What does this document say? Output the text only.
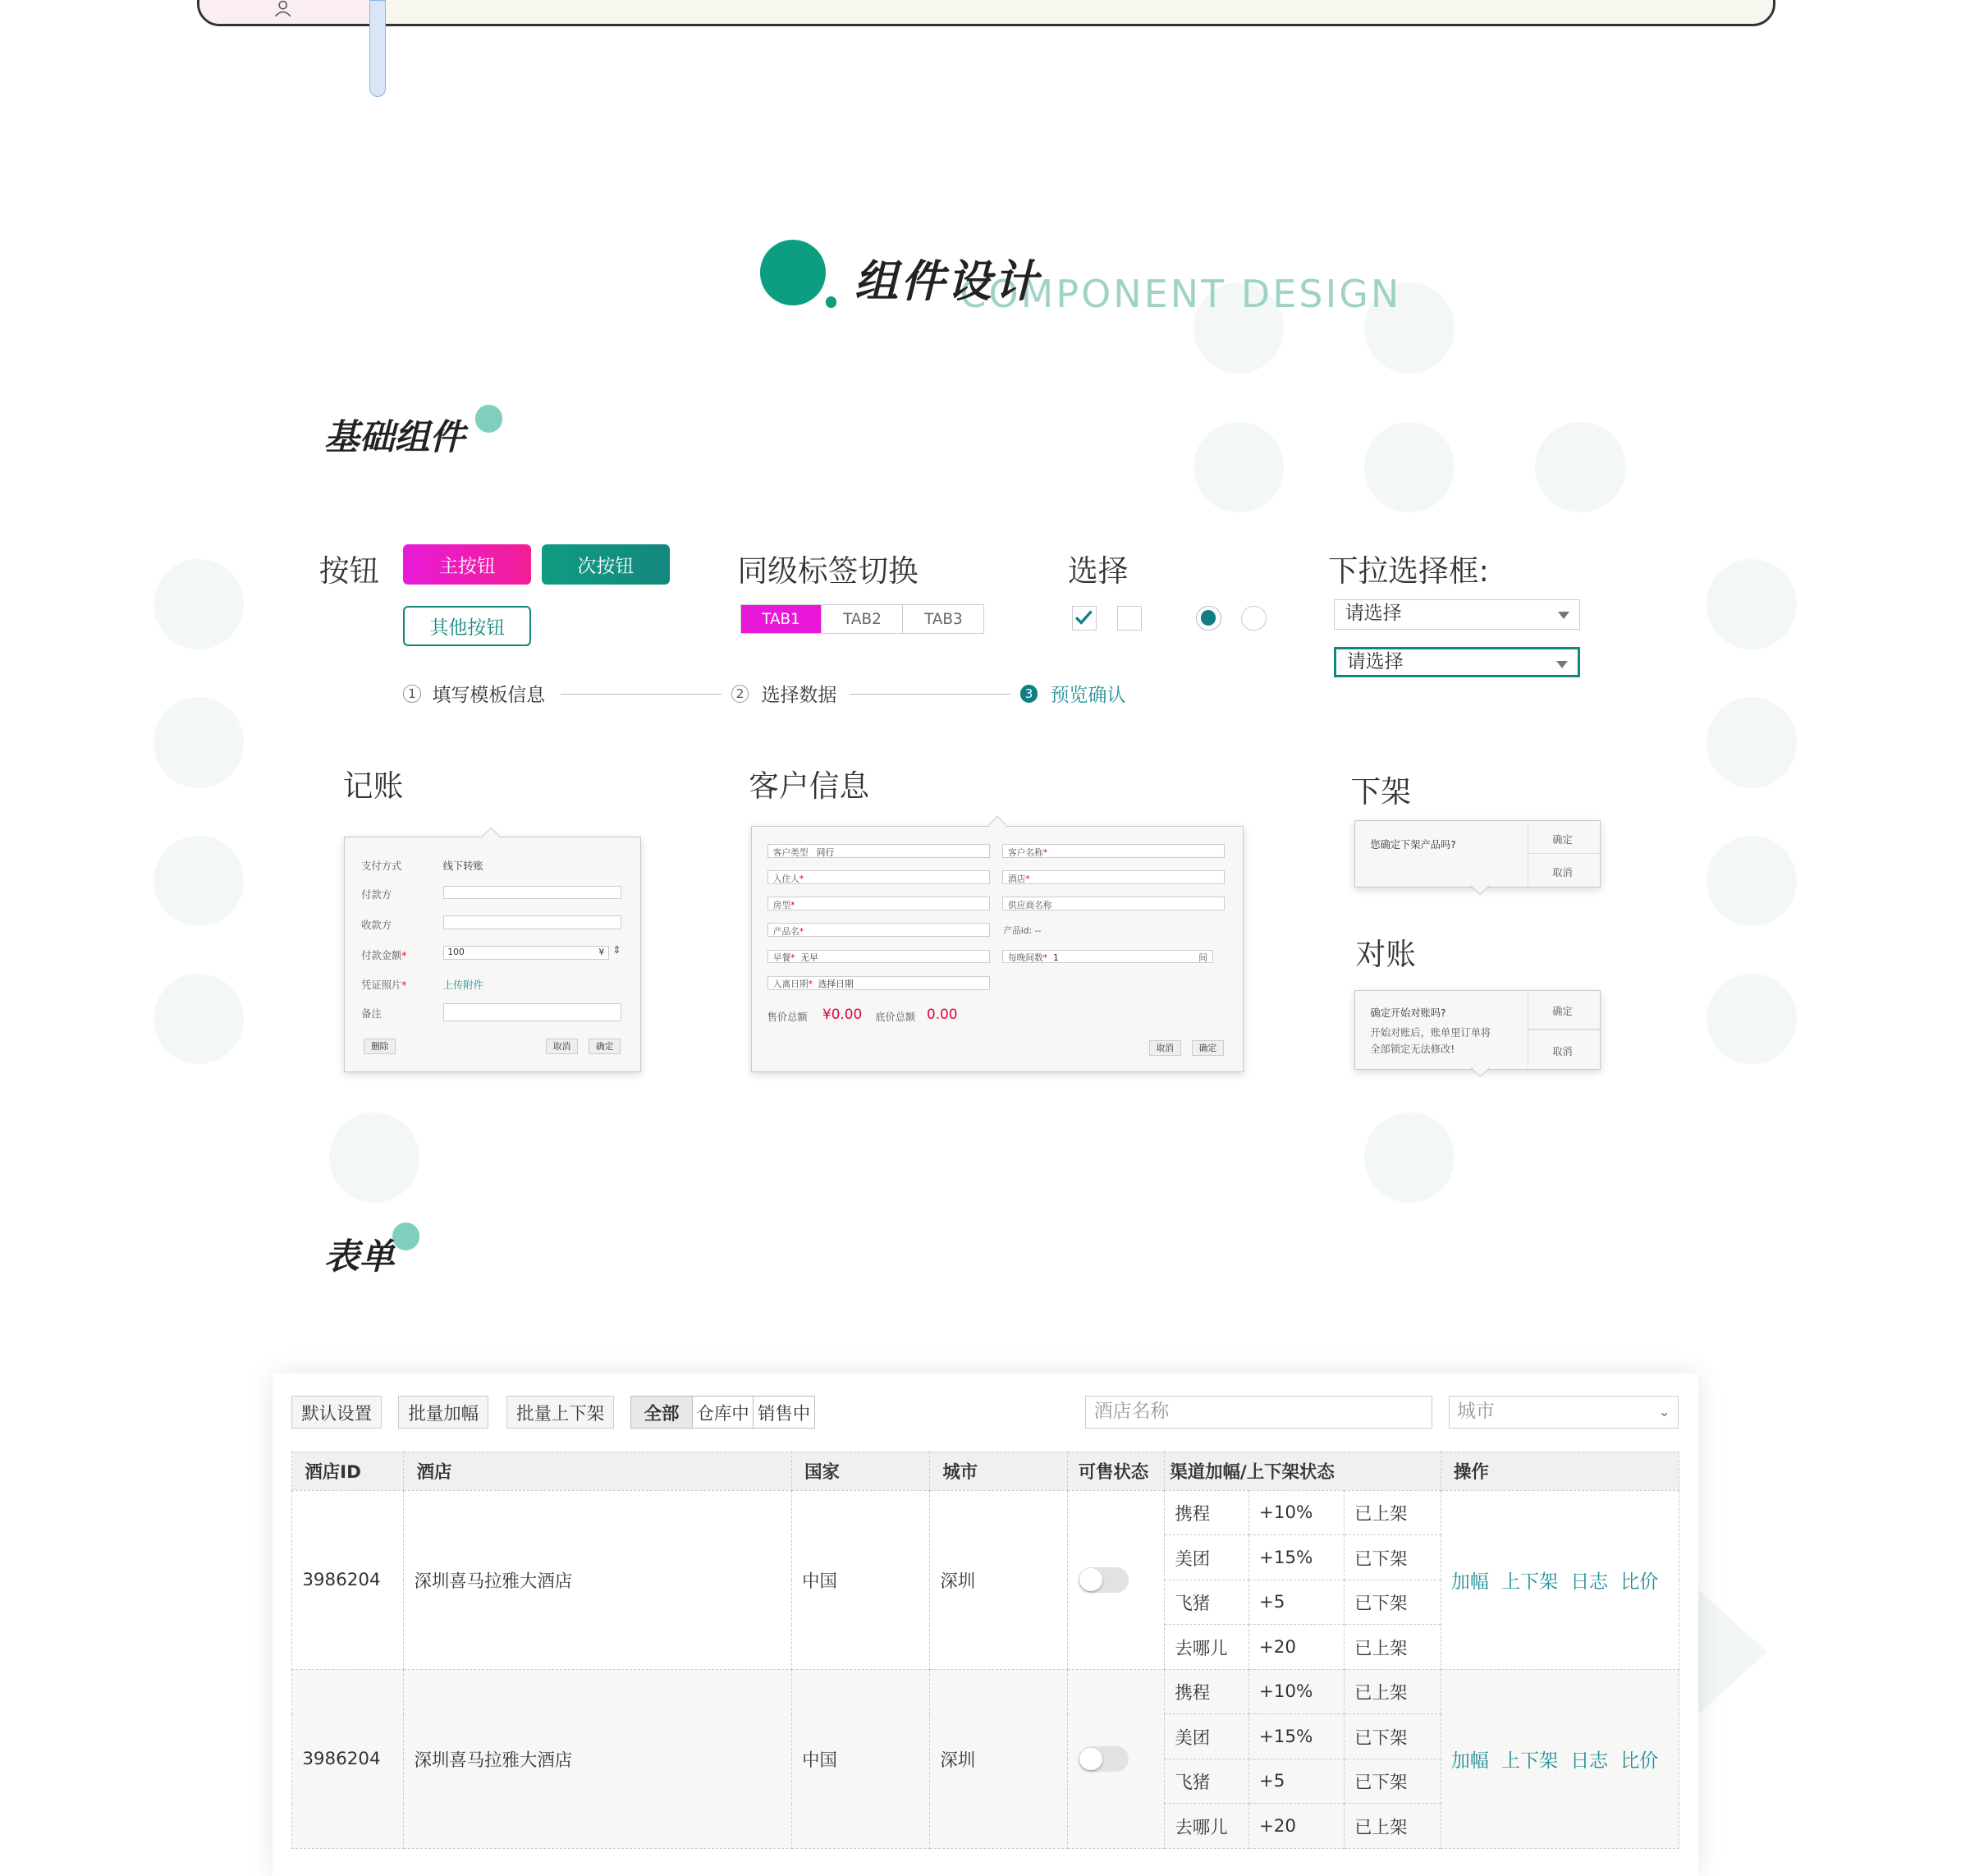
COMPONENT DESIGN
组件设计
基础组件
按钮	主按钮	次按钮
其他按钮
同级标签切换
TAB1	TAB2	TAB3
选择	下拉选择框:
请选择
请选择
1	填写模板信息	2	选择数据	3	预览确认
记账
支付方式	线下转账
付款方
收款方
付款金额*	100	¥ ⇕
凭证照片*	上传附件
备注
删除	取消	确定
客户信息
客户类型 同行	客户名称*
入住人*	酒店*
房型*	供应商名称
产品名*	产品id: --
早餐* 无早	每晚间数* 1	间
入离日期* 选择日期
售价总额 ¥0.00 底价总额 0.00
取消	确定
下架
您确定下架产品吗?	确定
取消
对账
确定开始对账吗?
开始对账后，账单里订单将
全部锁定无法修改!
确定
取消
表单
默认设置	批量加幅	批量上下架	全部	仓库中 销售中	酒店名称	城市	⌄
酒店ID	酒店	国家	城市	可售状态	渠道加幅/上下架状态			操作
3986204	深圳喜马拉雅大酒店	中国	深圳		携程	+10%	已上架	加幅 上下架 日志 比价
					美团	+15%	已下架	
					飞猪	+5	已下架	
					去哪儿	+20	已上架	
3986204	深圳喜马拉雅大酒店	中国	深圳		携程	+10%	已上架	加幅 上下架 日志 比价
					美团	+15%	已下架	
					飞猪	+5	已下架	
					去哪儿	+20	已上架	
